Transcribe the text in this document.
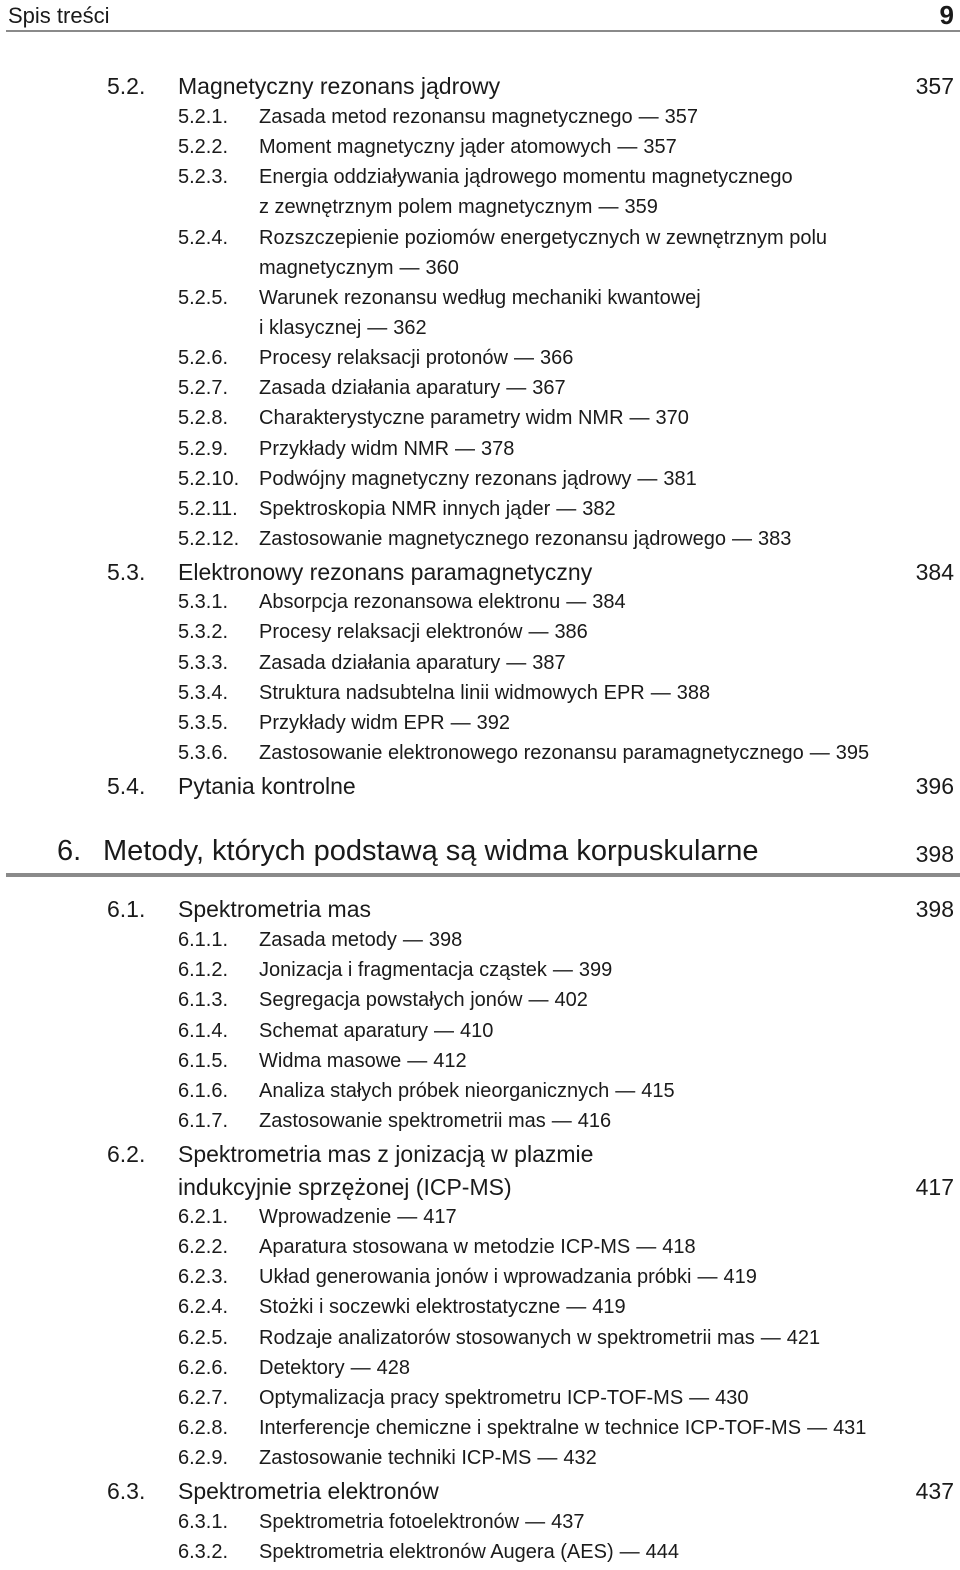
Spis treści	9
5.2. Magnetyczny rezonans jądrowy	357
5.2.1. Zasada metod rezonansu magnetycznego — 357
5.2.2. Moment magnetyczny jąder atomowych — 357
5.2.3. Energia oddziaływania jądrowego momentu magnetycznego
z zewnętrznym polem magnetycznym — 359
5.2.4. Rozszczepienie poziomów energetycznych w zewnętrznym polu
magnetycznym — 360
5.2.5. Warunek rezonansu według mechaniki kwantowej
i klasycznej — 362
5.2.6. Procesy relaksacji protonów — 366
5.2.7. Zasada działania aparatury — 367
5.2.8. Charakterystyczne parametry widm NMR — 370
5.2.9. Przykłady widm NMR — 378
5.2.10. Podwójny magnetyczny rezonans jądrowy — 381
5.2.11. Spektroskopia NMR innych jąder — 382
5.2.12. Zastosowanie magnetycznego rezonansu jądrowego — 383
5.3. Elektronowy rezonans paramagnetyczny	384
5.3.1. Absorpcja rezonansowa elektronu — 384
5.3.2. Procesy relaksacji elektronów — 386
5.3.3. Zasada działania aparatury — 387
5.3.4. Struktura nadsubtelna linii widmowych EPR — 388
5.3.5. Przykłady widm EPR — 392
5.3.6. Zastosowanie elektronowego rezonansu paramagnetycznego — 395
5.4. Pytania kontrolne	396
6. Metody, których podstawą są widma korpuskularne	398
6.1. Spektrometria mas	398
6.1.1. Zasada metody — 398
6.1.2. Jonizacja i fragmentacja cząstek — 399
6.1.3. Segregacja powstałych jonów — 402
6.1.4. Schemat aparatury — 410
6.1.5. Widma masowe — 412
6.1.6. Analiza stałych próbek nieorganicznych — 415
6.1.7. Zastosowanie spektrometrii mas — 416
6.2. Spektrometria mas z jonizacją w plazmie
indukcyjnie sprzężonej (ICP-MS)	417
6.2.1. Wprowadzenie — 417
6.2.2. Aparatura stosowana w metodzie ICP-MS — 418
6.2.3. Układ generowania jonów i wprowadzania próbki — 419
6.2.4. Stożki i soczewki elektrostatyczne — 419
6.2.5. Rodzaje analizatorów stosowanych w spektrometrii mas — 421
6.2.6. Detektory — 428
6.2.7. Optymalizacja pracy spektrometru ICP-TOF-MS — 430
6.2.8. Interferencje chemiczne i spektralne w technice ICP-TOF-MS — 431
6.2.9. Zastosowanie techniki ICP-MS — 432
6.3. Spektrometria elektronów	437
6.3.1. Spektrometria fotoelektronów — 437
6.3.2. Spektrometria elektronów Augera (AES) — 444
